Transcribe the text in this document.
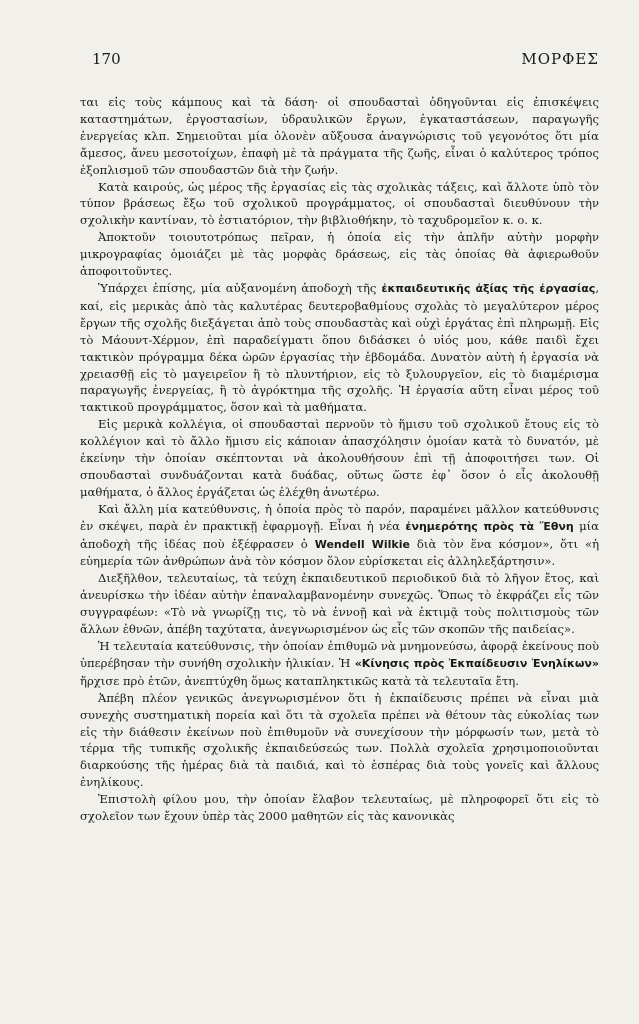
170	ΜΟΡΦΕΣ

ται εἰς τοὺς κάμπους καὶ τὰ δάση· οἱ σπουδασταὶ ὁδηγοῦνται εἰς ἐπισκέψεις καταστημάτων, ἐργοστασίων, ὑδραυλικῶν ἔργων, ἐγκαταστάσεων, παραγωγῆς ἐνεργείας κλπ. Σημειοῦται μία ὁλονὲν αὔξουσα ἀναγνώρισις τοῦ γεγονότος ὅτι μία ἄμεσος, ἄνευ μεσοτοίχων, ἐπαφὴ μὲ τὰ πράγματα τῆς ζωῆς, εἶναι ὁ καλύτερος τρόπος ἐξοπλισμοῦ τῶν σπουδαστῶν διὰ τὴν ζωήν.

Κατὰ καιρούς, ὡς μέρος τῆς ἐργασίας εἰς τὰς σχολικὰς τάξεις, καὶ ἄλλοτε ὑπὸ τὸν τύπον βράσεως ἔξω τοῦ σχολικοῦ προγράμματος, οἱ σπουδασταὶ διευθύνουν τὴν σχολικὴν καντίναν, τὸ ἑστιατόριον, τὴν βιβλιοθήκην, τὸ ταχυδρομεῖον κ. ο. κ.

Ἀποκτοῦν τοιουτοτρόπως πεῖραν, ἡ ὁποία εἰς τὴν ἁπλῆν αὐτὴν μορφὴν μικρογραφίας ὁμοιάζει μὲ τὰς μορφὰς δράσεως, εἰς τὰς ὁποίας θὰ ἀφιερωθοῦν ἀποφοιτοῦντες.

Ὑπάρχει ἐπίσης, μία αὐξανομένη ἀποδοχὴ τῆς ἐκπαιδευτικῆς ἀξίας τῆς ἐργασίας, καί, εἰς μερικὰς ἀπὸ τὰς καλυτέρας δευτεροβαθμίους σχολὰς τὸ μεγαλύτερον μέρος ἔργων τῆς σχολῆς διεξάγεται ἀπὸ τοὺς σπουδαστὰς καὶ οὐχὶ ἐργάτας ἐπὶ πληρωμῇ. Εἰς τὸ Μάουντ-Χέρμον, ἐπὶ παραδείγματι ὅπου διδάσκει ὁ υἱός μου, κάθε παιδὶ ἔχει τακτικὸν πρόγραμμα δέκα ὡρῶν ἐργασίας τὴν ἑβδομάδα. Δυνατὸν αὐτὴ ἡ ἐργασία νὰ χρειασθῇ εἰς τὸ μαγειρεῖον ἢ τὸ πλυντήριον, εἰς τὸ ξυλουργεῖον, εἰς τὸ διαμέρισμα παραγωγῆς ἐνεργείας, ἢ τὸ ἀγρόκτημα τῆς σχολῆς. Ἡ ἐργασία αὕτη εἶναι μέρος τοῦ τακτικοῦ προγράμματος, ὅσον καὶ τὰ μαθήματα.

Εἰς μερικὰ κολλέγια, οἱ σπουδασταὶ περνοῦν τὸ ἥμισυ τοῦ σχολικοῦ ἔτους εἰς τὸ κολλέγιον καὶ τὸ ἄλλο ἥμισυ εἰς κάποιαν ἀπασχόλησιν ὁμοίαν κατὰ τὸ δυνατόν, μὲ ἐκείνην τὴν ὁποίαν σκέπτονται νὰ ἀκολουθήσουν ἐπὶ τῇ ἀποφοιτήσει των. Οἱ σπουδασταὶ συνδυάζονται κατὰ δυάδας, οὕτως ὥστε ἐφ᾽ ὅσον ὁ εἷς ἀκολουθῇ μαθήματα, ὁ ἄλλος ἐργάζεται ὡς ἐλέχθη ἀνωτέρω.

Καὶ ἄλλη μία κατεύθυνσις, ἡ ὁποία πρὸς τὸ παρόν, παραμένει μᾶλλον κατεύθυνσις ἐν σκέψει, παρὰ ἐν πρακτικῇ ἐφαρμογῇ. Εἶναι ἡ νέα ἐνημερότης πρὸς τὰ Ἔθνη μία ἀποδοχὴ τῆς ἰδέας ποὺ ἐξέφρασεν ὁ Wendell Wilkie διὰ τὸν ἕνα κόσμον», ὅτι «ἡ εὐημερία τῶν ἀνθρώπων ἀνὰ τὸν κόσμον ὅλον εὑρίσκεται εἰς ἀλληλεξάρτησιν».

Διεξῆλθον, τελευταίως, τὰ τεύχη ἐκπαιδευτικοῦ περιοδικοῦ διὰ τὸ λῆγον ἔτος, καὶ ἀνευρίσκω τὴν ἰδέαν αὐτὴν ἐπαναλαμβανομένην συνεχῶς. Ὅπως τὸ ἐκφράζει εἷς τῶν συγγραφέων: «Τὸ νὰ γνωρίζῃ τις, τὸ νὰ ἐννοῇ καὶ νὰ ἐκτιμᾷ τοὺς πολιτισμοὺς τῶν ἄλλων ἐθνῶν, ἀπέβη ταχύτατα, ἀνεγνωρισμένον ὡς εἷς τῶν σκοπῶν τῆς παιδείας».

Ἡ τελευταία κατεύθυνσις, τὴν ὁποίαν ἐπιθυμῶ νὰ μνημονεύσω, ἀφορᾷ ἐκείνους ποὺ ὑπερέβησαν τὴν συνήθη σχολικὴν ἡλικίαν. Ἡ «Κίνησις πρὸς Ἐκπαίδευσιν Ἐνηλίκων» ἤρχισε πρὸ ἐτῶν, ἀνεπτύχθη ὅμως καταπληκτικῶς κατὰ τὰ τελευταῖα ἔτη.

Ἀπέβη πλέον γενικῶς ἀνεγνωρισμένον ὅτι ἡ ἐκπαίδευσις πρέπει νὰ εἶναι μιὰ συνεχὴς συστηματικὴ πορεία καὶ ὅτι τὰ σχολεῖα πρέπει νὰ θέτουν τὰς εὐκολίας των εἰς τὴν διάθεσιν ἐκείνων ποὺ ἐπιθυμοῦν νὰ συνεχίσουν τὴν μόρφωσίν των, μετὰ τὸ τέρμα τῆς τυπικῆς σχολικῆς ἐκπαιδεύσεώς των. Πολλὰ σχολεῖα χρησιμοποιοῦνται διαρκούσης τῆς ἡμέρας διὰ τὰ παιδιά, καὶ τὸ ἑσπέρας διὰ τοὺς γονεῖς καὶ ἄλλους ἐνηλίκους.

Ἐπιστολὴ φίλου μου, τὴν ὁποίαν ἔλαβον τελευταίως, μὲ πληροφορεῖ ὅτι εἰς τὸ σχολεῖον των ἔχουν ὑπὲρ τὰς 2000 μαθητῶν εἰς τὰς κανονικὰς
